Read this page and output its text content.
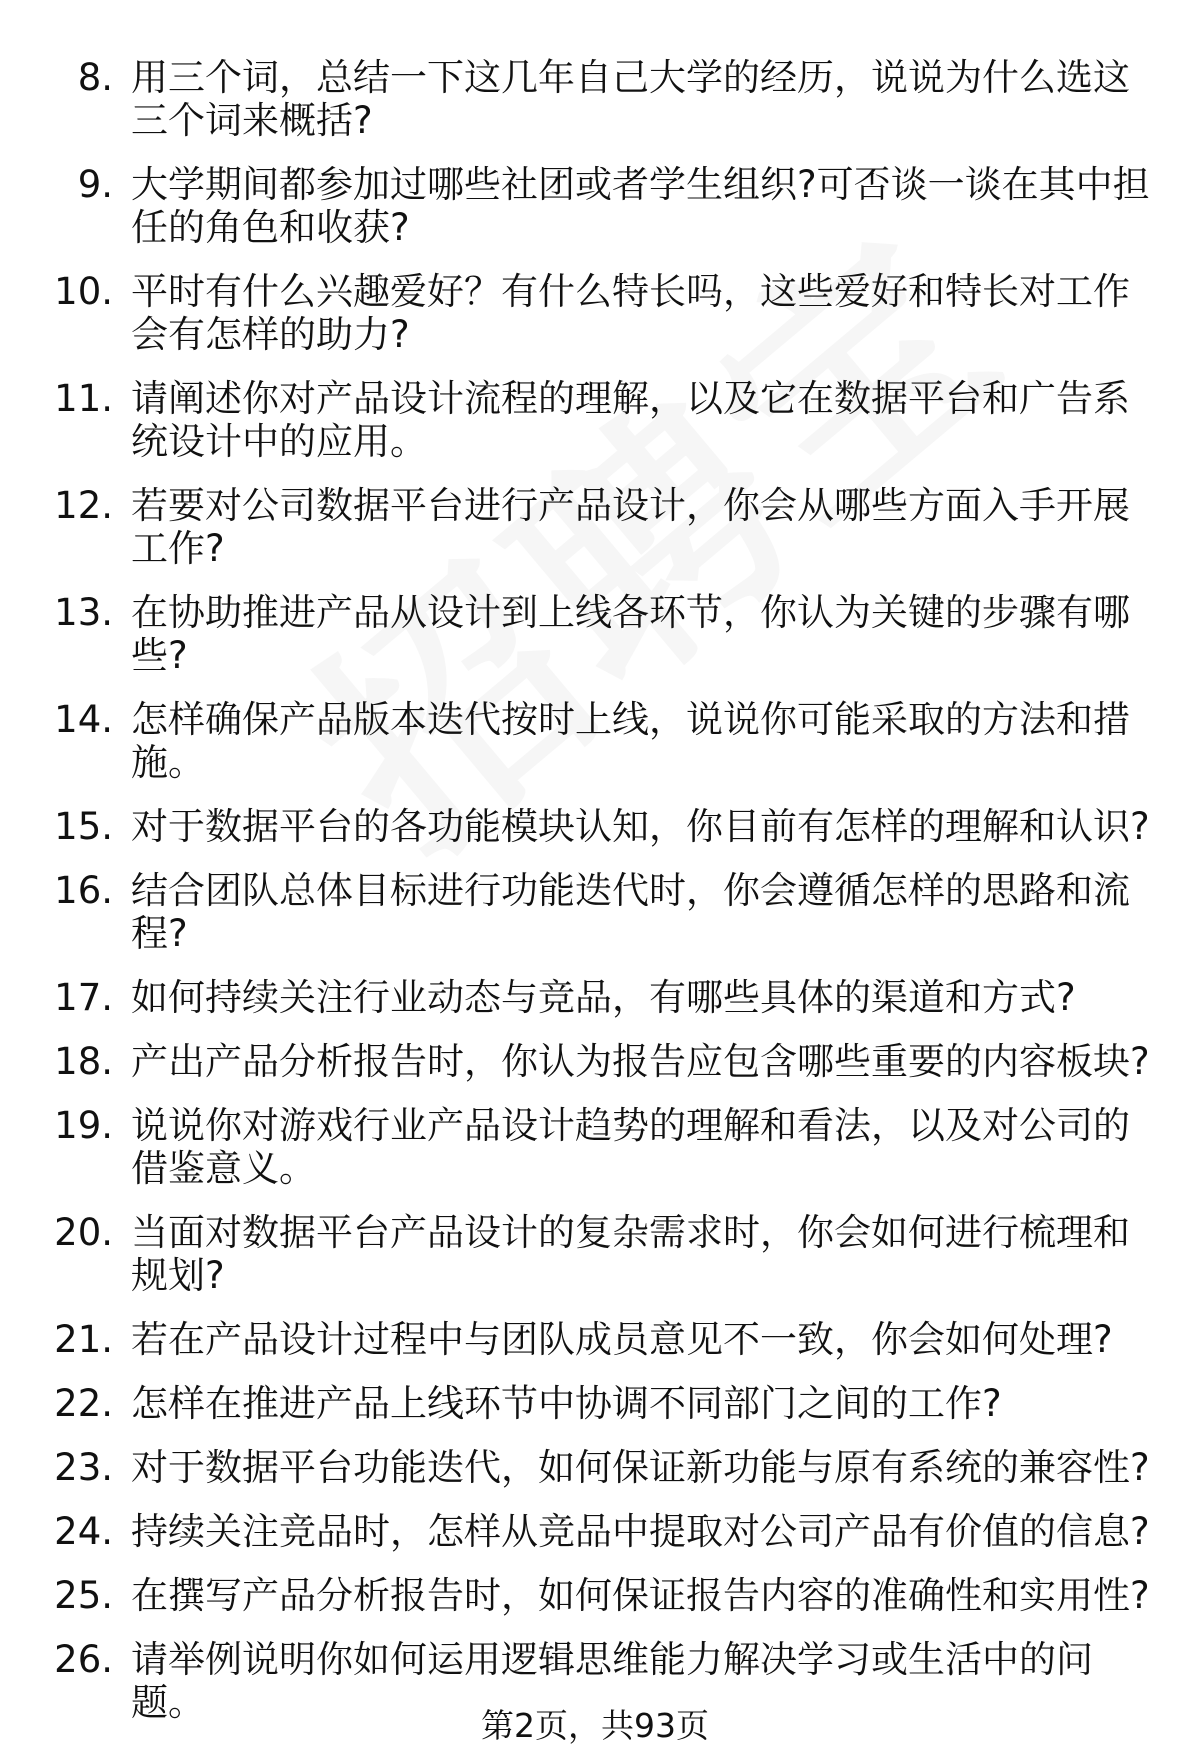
8. 用三个词，总结一下这几年自己大学的经历，说说为什么选这三个词来概括?
9. 大学期间都参加过哪些社团或者学生组织?可否谈一谈在其中担任的角色和收获?
10. 平时有什么兴趣爱好？有什么特长吗，这些爱好和特长对工作会有怎样的助力?
11. 请阐述你对产品设计流程的理解，以及它在数据平台和广告系统设计中的应用。
12. 若要对公司数据平台进行产品设计，你会从哪些方面入手开展工作?
13. 在协助推进产品从设计到上线各环节，你认为关键的步骤有哪些?
14. 怎样确保产品版本迭代按时上线，说说你可能采取的方法和措施。
15. 对于数据平台的各功能模块认知，你目前有怎样的理解和认识?
16. 结合团队总体目标进行功能迭代时，你会遵循怎样的思路和流程?
17. 如何持续关注行业动态与竞品，有哪些具体的渠道和方式?
18. 产出产品分析报告时，你认为报告应包含哪些重要的内容板块?
19. 说说你对游戏行业产品设计趋势的理解和看法，以及对公司的借鉴意义。
20. 当面对数据平台产品设计的复杂需求时，你会如何进行梳理和规划?
21. 若在产品设计过程中与团队成员意见不一致，你会如何处理?
22. 怎样在推进产品上线环节中协调不同部门之间的工作?
23. 对于数据平台功能迭代，如何保证新功能与原有系统的兼容性?
24. 持续关注竞品时，怎样从竞品中提取对公司产品有价值的信息?
25. 在撰写产品分析报告时，如何保证报告内容的准确性和实用性?
26. 请举例说明你如何运用逻辑思维能力解决学习或生活中的问题。
第2页，共93页
